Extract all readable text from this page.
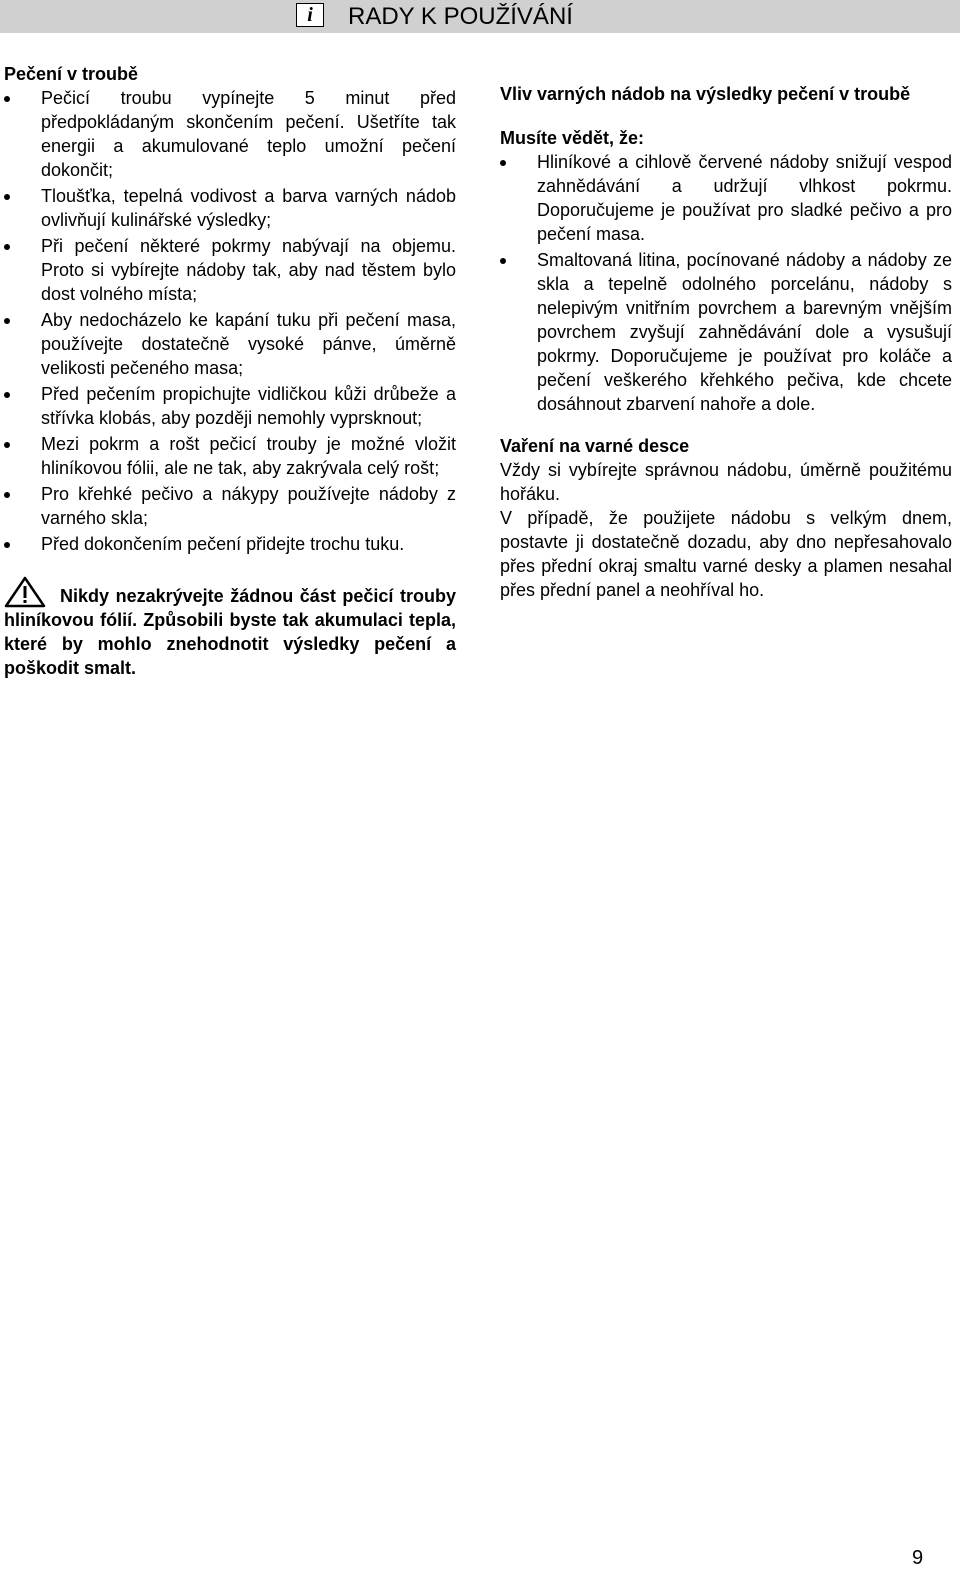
i	RADY K POUŽÍVÁNÍ

Pečení v troubě

Pečicí troubu vypínejte 5 minut před předpokládaným skončením pečení. Ušetříte tak energii a akumulované teplo umožní pečení dokončit;
Tloušťka, tepelná vodivost a barva varných nádob ovlivňují kulinářské výsledky;
Při pečení některé pokrmy nabývají na objemu. Proto si vybírejte nádoby tak, aby nad těstem bylo dost volného místa;
Aby nedocházelo ke kapání tuku při pečení masa, používejte dostatečně vysoké pánve, úměrně velikosti pečeného masa;
Před pečením propichujte vidličkou kůži drůbeže a střívka klobás, aby později nemohly vyprsknout;
Mezi pokrm a rošt pečicí trouby je možné vložit hliníkovou fólii, ale ne tak, aby zakrývala celý rošt;
Pro křehké pečivo a nákypy používejte nádoby z varného skla;
Před dokončením pečení přidejte trochu tuku.
Nikdy nezakrývejte žádnou část pečicí trouby hliníkovou fólií. Způsobili byste tak akumulaci tepla, které by mohlo znehodnotit výsledky pečení a poškodit smalt.

Vliv varných nádob na výsledky pečení v troubě

Musíte vědět, že:

Hliníkové a cihlově červené nádoby snižují vespod zahnědávání a udržují vlhkost pokrmu. Doporučujeme je používat pro sladké pečivo a pro pečení masa.
Smaltovaná litina, pocínované nádoby a nádoby ze skla a tepelně odolného porcelánu, nádoby s nelepivým vnitřním povrchem a barevným vnějším povrchem zvyšují zahnědávání dole a vysušují pokrmy. Doporučujeme je používat pro koláče a pečení veškerého křehkého pečiva, kde chcete dosáhnout zbarvení nahoře a dole.

Vaření na varné desce

Vždy si vybírejte správnou nádobu, úměrně použitému hořáku.

V případě, že použijete nádobu s velkým dnem, postavte ji dostatečně dozadu, aby dno nepřesahovalo přes přední okraj smaltu varné desky a plamen nesahal přes přední panel a neohříval ho.

9
